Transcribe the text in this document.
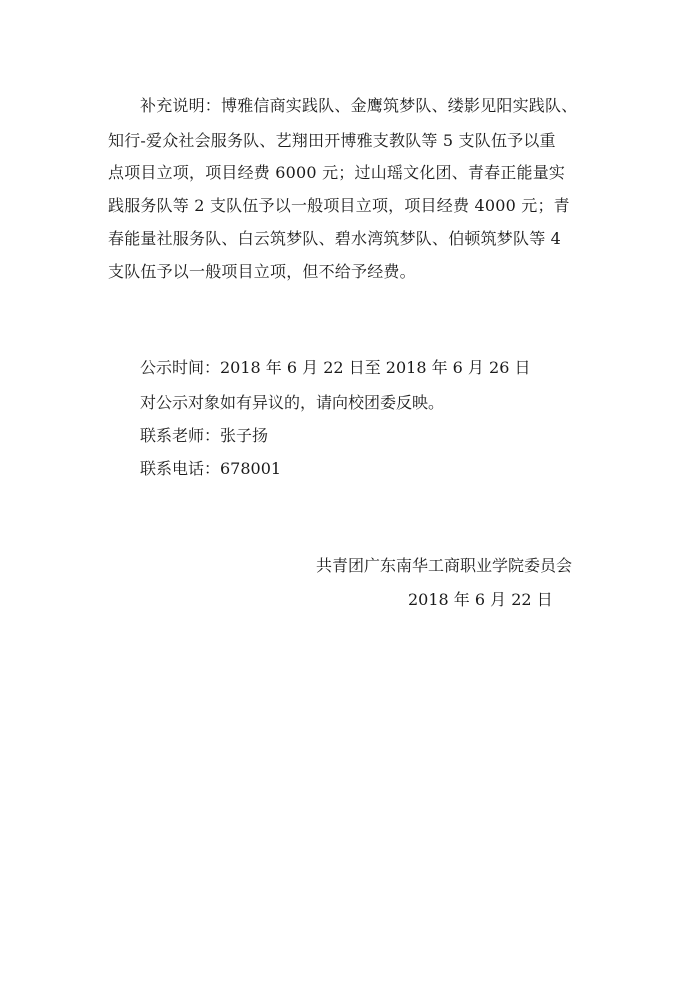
补充说明：博雅信商实践队、金鹰筑梦队、缕影见阳实践队、
知行-爱众社会服务队、艺翔田开博雅支教队等 5 支队伍予以重
点项目立项，项目经费 6000 元；过山瑶文化团、青春正能量实
践服务队等 2 支队伍予以一般项目立项，项目经费 4000 元；青
春能量社服务队、白云筑梦队、碧水湾筑梦队、伯顿筑梦队等 4
支队伍予以一般项目立项，但不给予经费。
公示时间：2018 年 6 月 22 日至 2018 年 6 月 26 日
对公示对象如有异议的，请向校团委反映。
联系老师：张子扬
联系电话：678001
共青团广东南华工商职业学院委员会
2018 年 6 月 22 日
